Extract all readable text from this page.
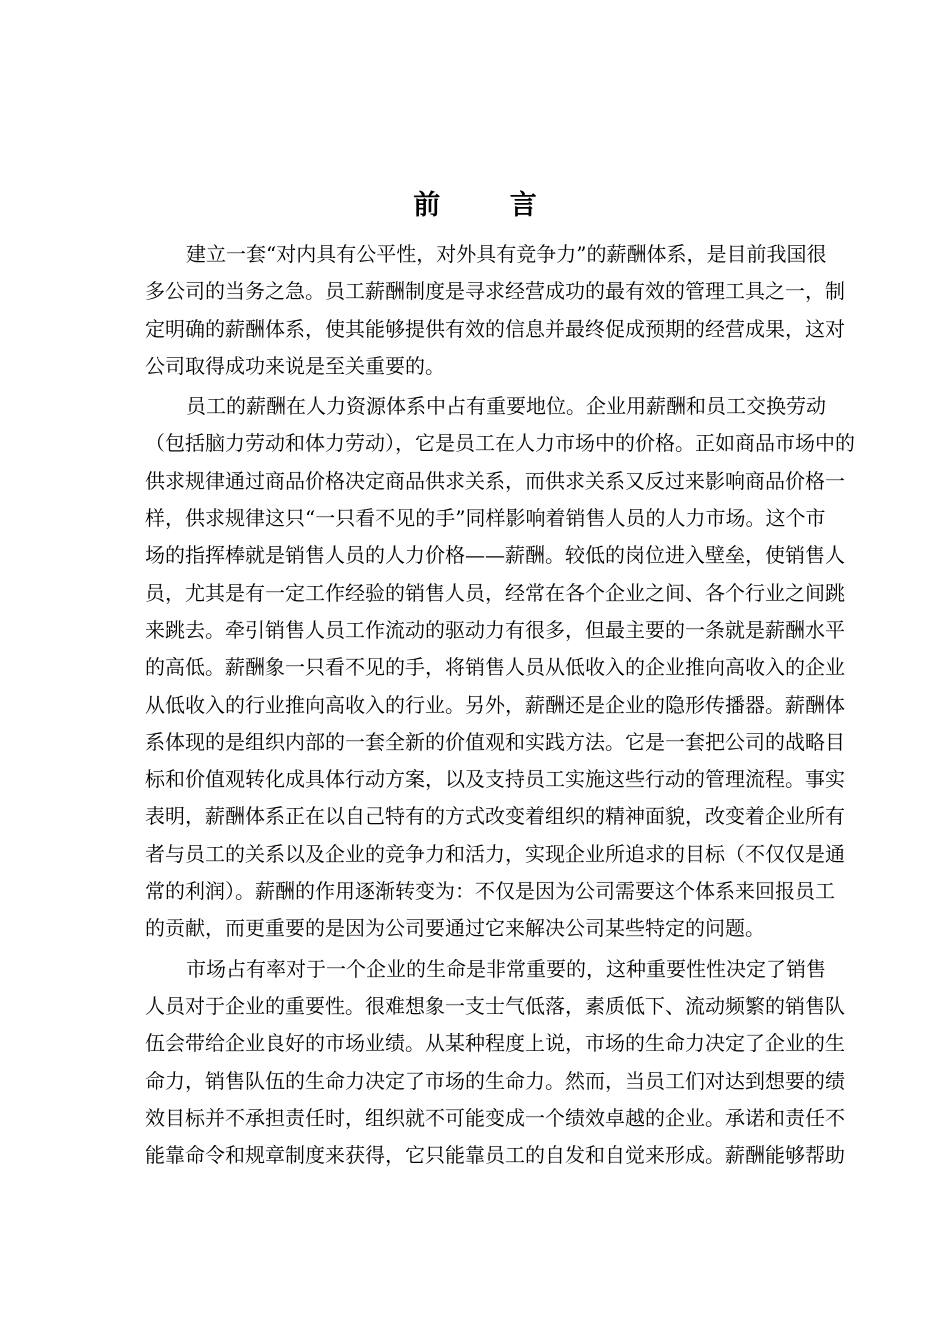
前 言

建立一套“对内具有公平性，对外具有竞争力”的薪酬体系，是目前我国很
多公司的当务之急。员工薪酬制度是寻求经营成功的最有效的管理工具之一，制
定明确的薪酬体系，使其能够提供有效的信息并最终促成预期的经营成果，这对
公司取得成功来说是至关重要的。

员工的薪酬在人力资源体系中占有重要地位。企业用薪酬和员工交换劳动
（包括脑力劳动和体力劳动），它是员工在人力市场中的价格。正如商品市场中的
供求规律通过商品价格决定商品供求关系，而供求关系又反过来影响商品价格一
样，供求规律这只“一只看不见的手”同样影响着销售人员的人力市场。这个市
场的指挥棒就是销售人员的人力价格——薪酬。较低的岗位进入壁垒，使销售人
员，尤其是有一定工作经验的销售人员，经常在各个企业之间、各个行业之间跳
来跳去。牵引销售人员工作流动的驱动力有很多，但最主要的一条就是薪酬水平
的高低。薪酬象一只看不见的手，将销售人员从低收入的企业推向高收入的企业
从低收入的行业推向高收入的行业。另外，薪酬还是企业的隐形传播器。薪酬体
系体现的是组织内部的一套全新的价值观和实践方法。它是一套把公司的战略目
标和价值观转化成具体行动方案，以及支持员工实施这些行动的管理流程。事实
表明，薪酬体系正在以自己特有的方式改变着组织的精神面貌，改变着企业所有
者与员工的关系以及企业的竞争力和活力，实现企业所追求的目标（不仅仅是通
常的利润）。薪酬的作用逐渐转变为：不仅是因为公司需要这个体系来回报员工
的贡献，而更重要的是因为公司要通过它来解决公司某些特定的问题。

市场占有率对于一个企业的生命是非常重要的，这种重要性性决定了销售
人员对于企业的重要性。很难想象一支士气低落，素质低下、流动频繁的销售队
伍会带给企业良好的市场业绩。从某种程度上说，市场的生命力决定了企业的生
命力，销售队伍的生命力决定了市场的生命力。然而，当员工们对达到想要的绩
效目标并不承担责任时，组织就不可能变成一个绩效卓越的企业。承诺和责任不
能靠命令和规章制度来获得，它只能靠员工的自发和自觉来形成。薪酬能够帮助
